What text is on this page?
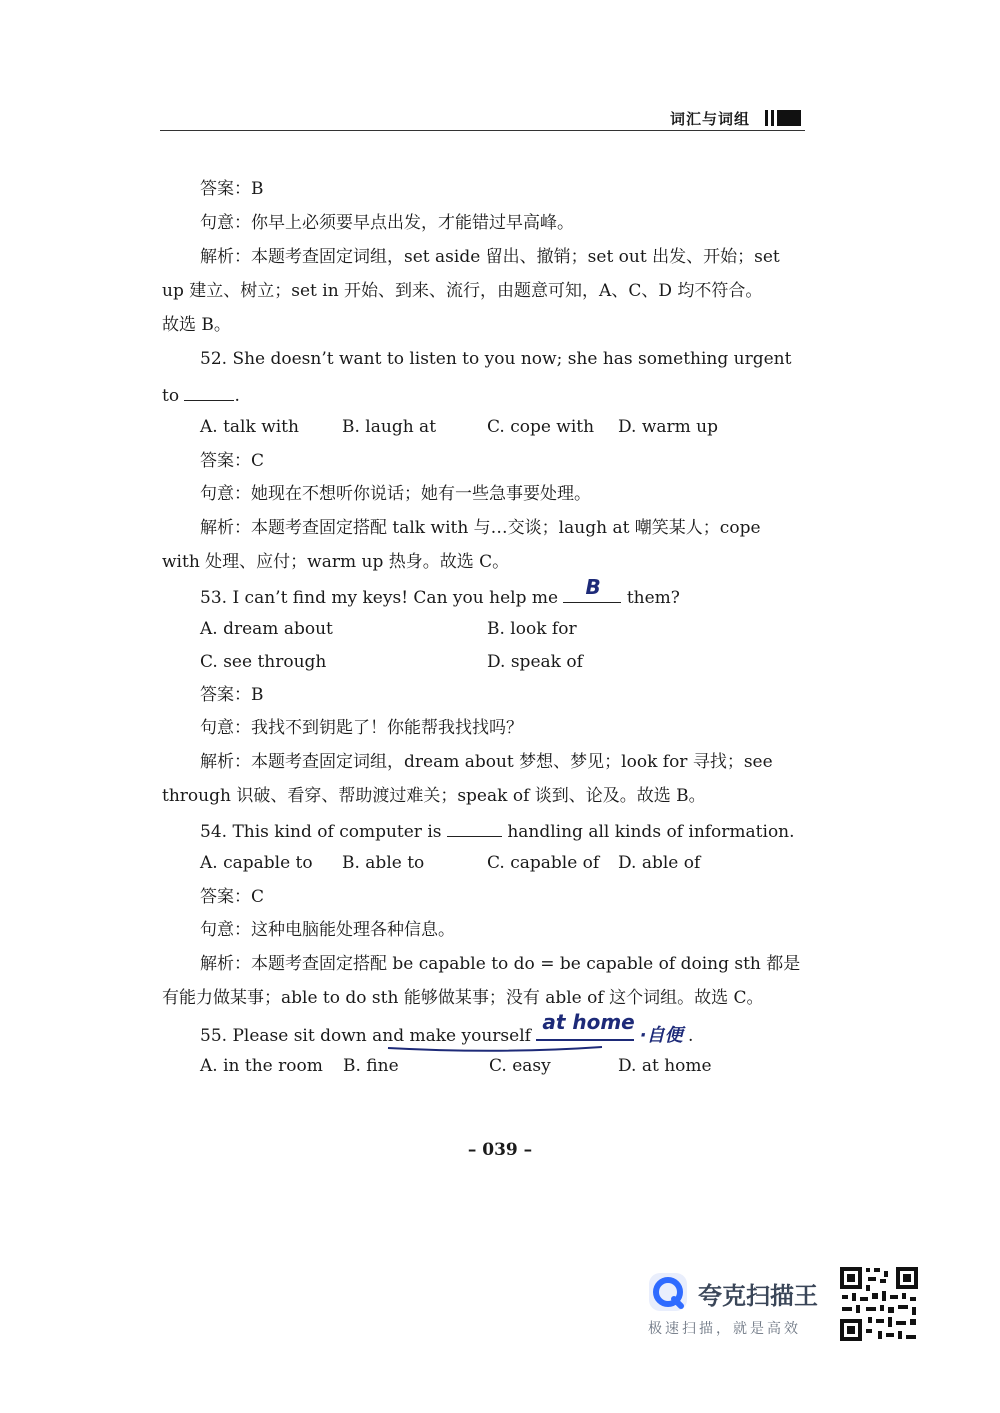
词汇与词组
答案：B
句意：你早上必须要早点出发，才能错过早高峰。
解析：本题考查固定词组，set aside 留出、撤销；set out 出发、开始；set
up 建立、树立；set in 开始、到来、流行，由题意可知，A、C、D 均不符合。
故选 B。
52. She doesn’t want to listen to you now; she has something urgent
to	.
A. talk with	B. laugh at	C. cope with D. warm up
答案：C
句意：她现在不想听你说话；她有一些急事要处理。
解析：本题考查固定搭配 talk with 与…交谈；laugh at 嘲笑某人；cope
with 处理、应付；warm up 热身。故选 C。
53. I can’t find my keys! Can you help me B them?
A. dream about	B. look for
C. see through	D. speak of
答案：B
句意：我找不到钥匙了！你能帮我找找吗？
解析：本题考查固定词组，dream about 梦想、梦见；look for 寻找；see
through 识破、看穿、帮助渡过难关；speak of 谈到、论及。故选 B。
54. This kind of computer is	handling all kinds of information.
A. capable to B. able to	C. capable of D. able of
答案：C
句意：这种电脑能处理各种信息。
解析：本题考查固定搭配 be capable to do = be capable of doing sth 都是
有能力做某事；able to do sth 能够做某事；没有 able of 这个词组。故选 C。
55. Please sit down and make yourself
at home
·自便 .
A. in the room B. fine	C. easy	D. at home
– 039 –
夸克扫描王
极速扫描，就是高效
